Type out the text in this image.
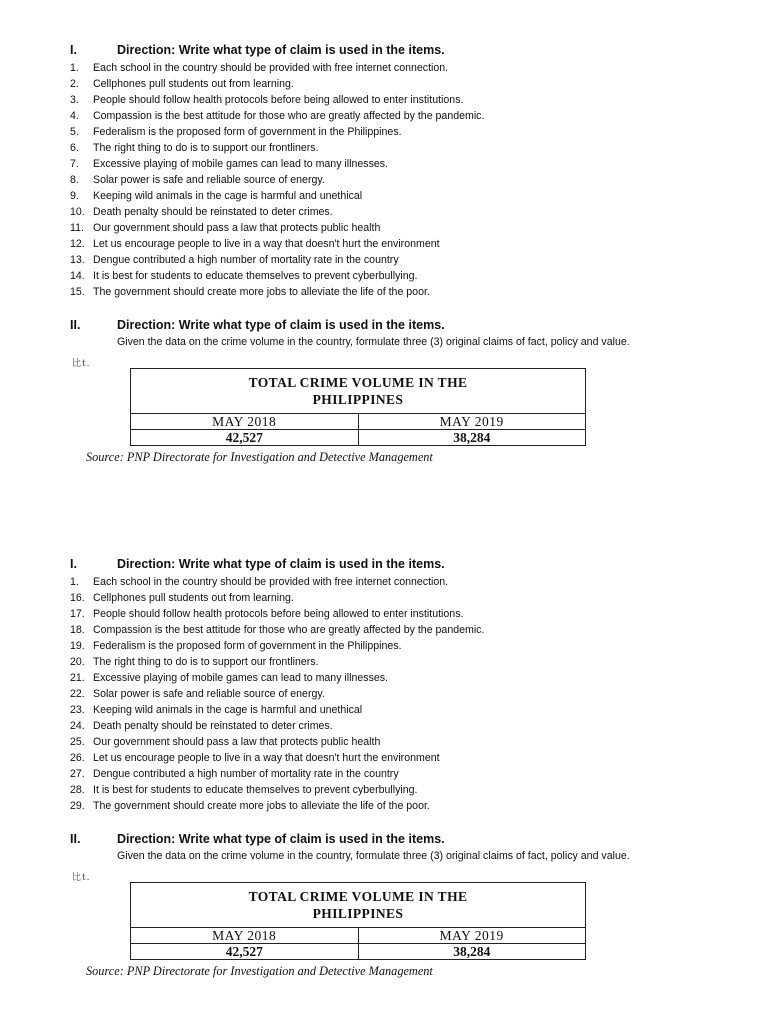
I.	Direction: Write what type of claim is used in the items.
1. Each school in the country should be provided with free internet connection.
2. Cellphones pull students out from learning.
3. People should follow health protocols before being allowed to enter institutions.
4. Compassion is the best attitude for those who are greatly affected by the pandemic.
5. Federalism is the proposed form of government in the Philippines.
6. The right thing to do is to support our frontliners.
7. Excessive playing of mobile games can lead to many illnesses.
8. Solar power is safe and reliable source of energy.
9. Keeping wild animals in the cage is harmful and unethical
10. Death penalty should be reinstated to deter crimes.
11. Our government should pass a law that protects public health
12. Let us encourage people to live in a way that doesn't hurt the environment
13. Dengue contributed a high number of mortality rate in the country
14. It is best for students to educate themselves to prevent cyberbullying.
15. The government should create more jobs to alleviate the life of the poor.
II.	Direction: Write what type of claim is used in the items.
Given the data on the crime volume in the country, formulate three (3) original claims of fact, policy and value.
⽐t.
TOTAL CRIME VOLUME IN THE
PHILIPPINES	
MAY 2018	MAY 2019
42,527	38,284
Source: PNP Directorate for Investigation and Detective Management
I.	Direction: Write what type of claim is used in the items.
1. Each school in the country should be provided with free internet connection.
16. Cellphones pull students out from learning.
17. People should follow health protocols before being allowed to enter institutions.
18. Compassion is the best attitude for those who are greatly affected by the pandemic.
19. Federalism is the proposed form of government in the Philippines.
20. The right thing to do is to support our frontliners.
21. Excessive playing of mobile games can lead to many illnesses.
22. Solar power is safe and reliable source of energy.
23. Keeping wild animals in the cage is harmful and unethical
24. Death penalty should be reinstated to deter crimes.
25. Our government should pass a law that protects public health
26. Let us encourage people to live in a way that doesn't hurt the environment
27. Dengue contributed a high number of mortality rate in the country
28. It is best for students to educate themselves to prevent cyberbullying.
29. The government should create more jobs to alleviate the life of the poor.
II.	Direction: Write what type of claim is used in the items.
Given the data on the crime volume in the country, formulate three (3) original claims of fact, policy and value.
⽐t.
TOTAL CRIME VOLUME IN THE
PHILIPPINES	
MAY 2018	MAY 2019
42,527	38,284
Source: PNP Directorate for Investigation and Detective Management
